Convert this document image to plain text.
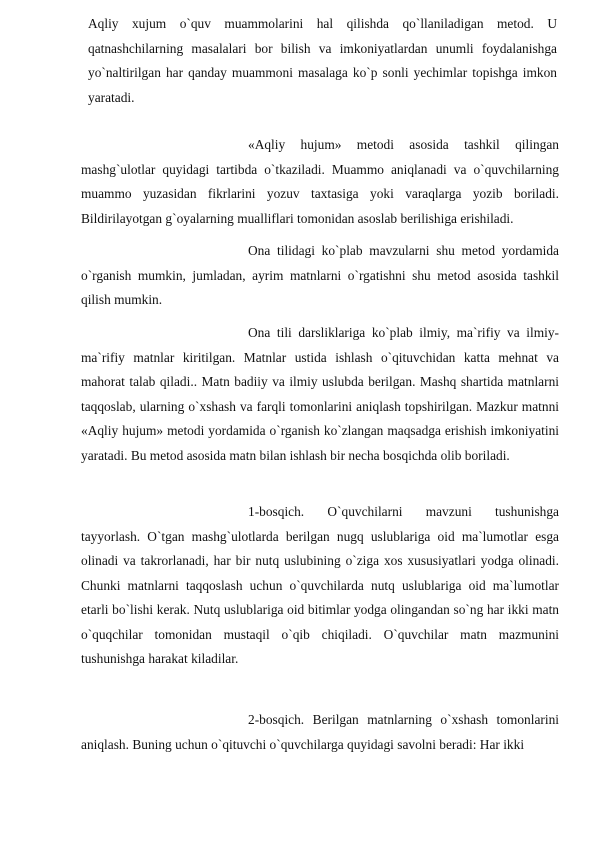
Aqliy xujum o`quv muammolarini hal qilishda qo`llaniladigan metod. U qatnashchilarning masalalari bor bilish va imkoniyatlardan unumli foydalanishga yo`naltirilgan har qanday muammoni masalaga ko`p sonli yechimlar topishga imkon yaratadi.

«Aqliy hujum» metodi asosida tashkil qilingan mashg`ulotlar quyidagi tartibda o`tkaziladi. Muammo aniqlanadi va o`quvchilarning muammo yuzasidan fikrlarini yozuv taxtasiga yoki varaqlarga yozib boriladi. Bildirilayotgan g`oyalarning mualliflari tomonidan asoslab berilishiga erishiladi.

Ona tilidagi ko`plab mavzularni shu metod yordamida o`rganish mumkin, jumladan, ayrim matnlarni o`rgatishni shu metod asosida tashkil qilish mumkin.

Ona tili darsliklariga ko`plab ilmiy, ma`rifiy va ilmiy-ma`rifiy matnlar kiritilgan. Matnlar ustida ishlash o`qituvchidan katta mehnat va mahorat talab qiladi.. Matn badiiy va ilmiy uslubda berilgan. Mashq shartida matnlarni taqqoslab, ularning o`xshash va farqli tomonlarini aniqlash topshirilgan. Mazkur matnni «Aqliy hujum» metodi yordamida o`rganish ko`zlangan maqsadga erishish imkoniyatini yaratadi. Bu metod asosida matn bilan ishlash bir necha bosqichda olib boriladi.

1-bosqich. O`quvchilarni mavzuni tushunishga tayyorlash. O`tgan mashg`ulotlarda berilgan nugq uslublariga oid ma`lumotlar esga olinadi va takrorlanadi, har bir nutq uslubining o`ziga xos xususiyatlari yodga olinadi. Chunki matnlarni taqqoslash uchun o`quvchilarda nutq uslublariga oid ma`lumotlar etarli bo`lishi kerak. Nutq uslublariga oid bitimlar yodga olingandan so`ng har ikki matn o`quqchilar tomonidan mustaqil o`qib chiqiladi. O`quvchilar matn mazmunini tushunishga harakat kiladilar.

2-bosqich. Berilgan matnlarning o`xshash tomonlarini aniqlash. Buning uchun o`qituvchi o`quvchilarga quyidagi savolni beradi: Har ikki
